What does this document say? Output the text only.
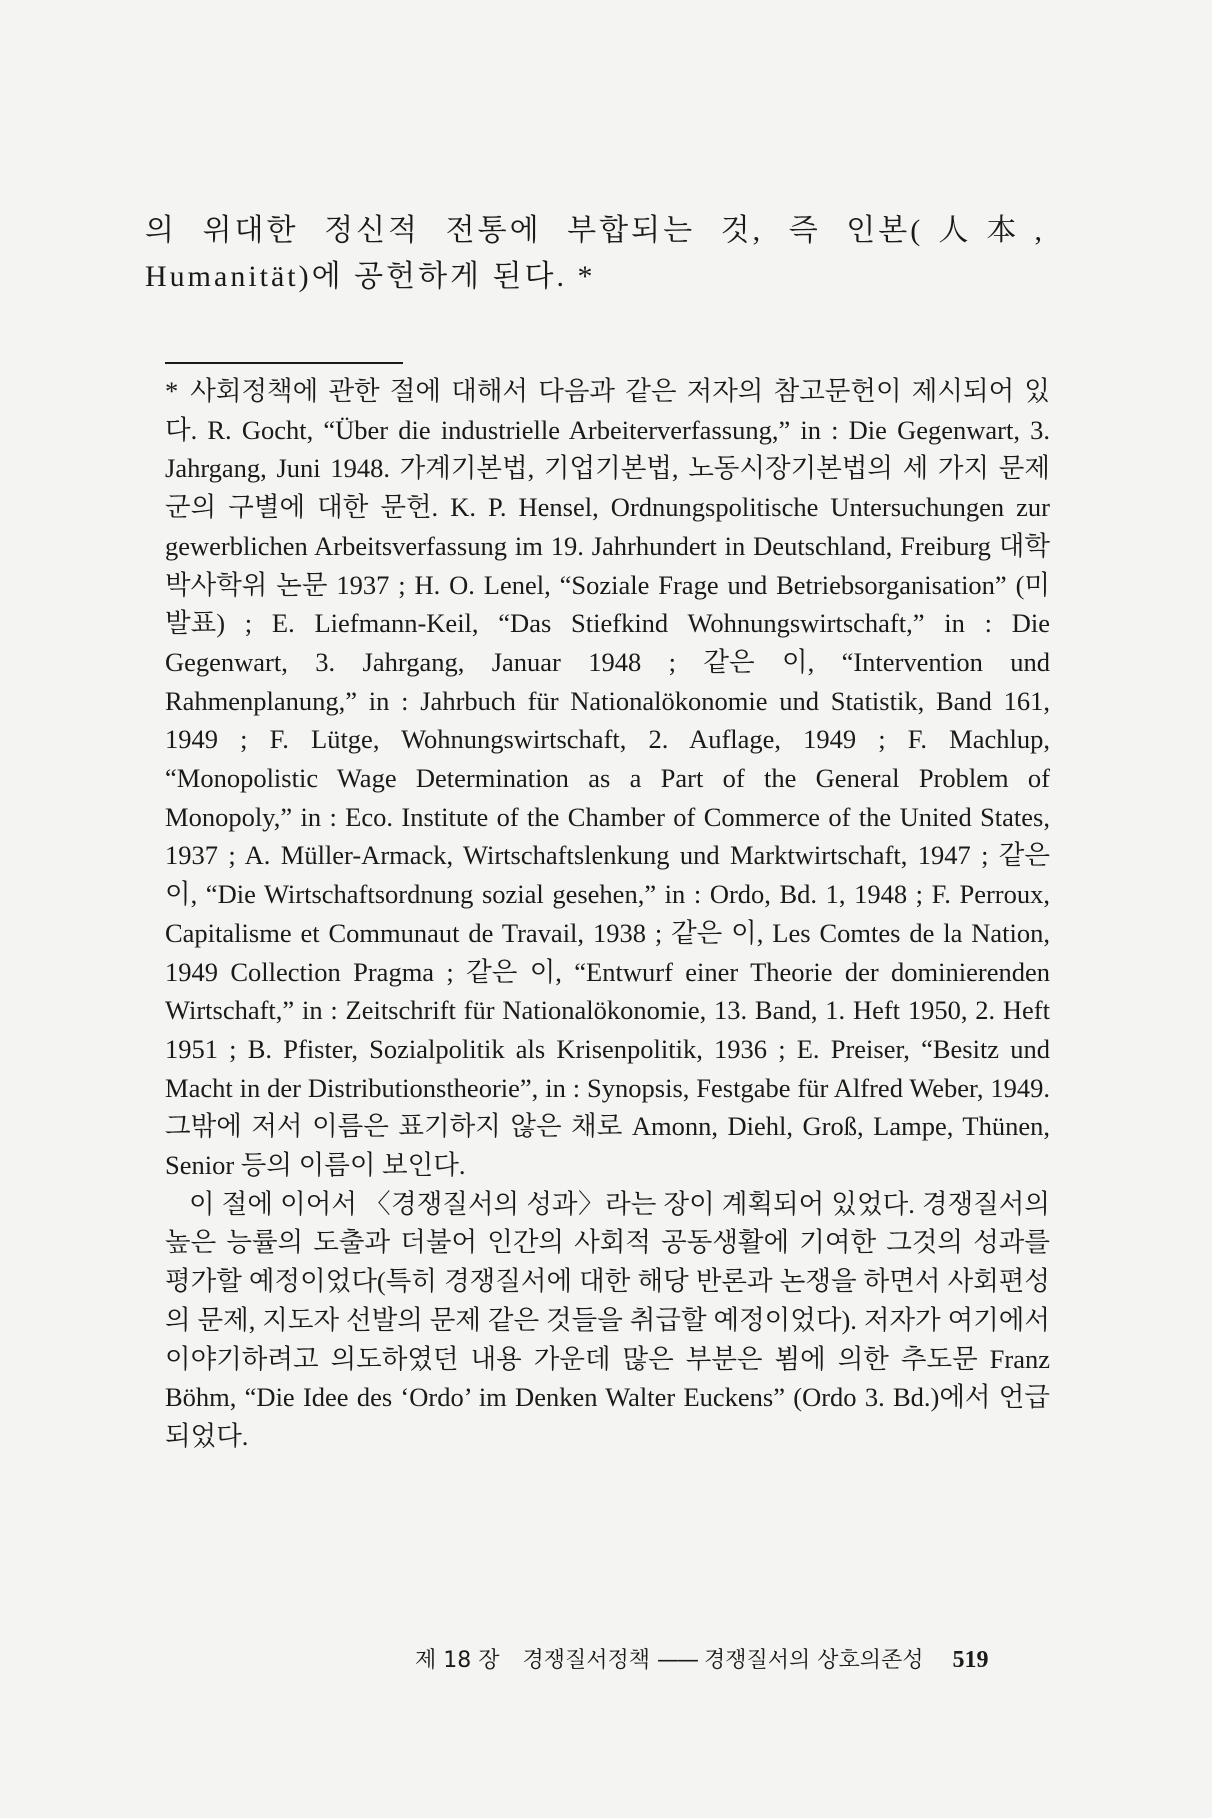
의 위대한 정신적 전통에 부합되는 것, 즉 인본(人本, Humanität)에 공헌하게 된다. *

* 사회정책에 관한 절에 대해서 다음과 같은 저자의 참고문헌이 제시되어 있다. R. Gocht, “Über die industrielle Arbeiterverfassung,” in : Die Gegenwart, 3. Jahrgang, Juni 1948. 가계기본법, 기업기본법, 노동시장기본법의 세 가지 문제군의 구별에 대한 문헌. K. P. Hensel, Ordnungspolitische Untersuchungen zur gewerblichen Arbeitsverfassung im 19. Jahrhundert in Deutschland, Freiburg 대학 박사학위 논문 1937 ; H. O. Lenel, “Soziale Frage und Betriebsorganisation” (미발표) ; E. Liefmann-Keil, “Das Stiefkind Wohnungswirtschaft,” in : Die Gegenwart, 3. Jahrgang, Januar 1948 ; 같은 이, “Intervention und Rahmenplanung,” in : Jahrbuch für Nationalökonomie und Statistik, Band 161, 1949 ; F. Lütge, Wohnungswirtschaft, 2. Auflage, 1949 ; F. Machlup, “Monopolistic Wage Determination as a Part of the General Problem of Monopoly,” in : Eco. Institute of the Chamber of Commerce of the United States, 1937 ; A. Müller-Armack, Wirtschaftslenkung und Marktwirtschaft, 1947 ; 같은 이, “Die Wirtschaftsordnung sozial gesehen,” in : Ordo, Bd. 1, 1948 ; F. Perroux, Capitalisme et Communaut de Travail, 1938 ; 같은 이, Les Comtes de la Nation, 1949 Collection Pragma ; 같은 이, “Entwurf einer Theorie der dominierenden Wirtschaft,” in : Zeitschrift für Nationalökonomie, 13. Band, 1. Heft 1950, 2. Heft 1951 ; B. Pfister, Sozialpolitik als Krisenpolitik, 1936 ; E. Preiser, “Besitz und Macht in der Distributionstheorie”, in : Synopsis, Festgabe für Alfred Weber, 1949. 그밖에 저서 이름은 표기하지 않은 채로 Amonn, Diehl, Groß, Lampe, Thünen, Senior 등의 이름이 보인다.

이 절에 이어서 〈경쟁질서의 성과〉라는 장이 계획되어 있었다. 경쟁질서의 높은 능률의 도출과 더불어 인간의 사회적 공동생활에 기여한 그것의 성과를 평가할 예정이었다(특히 경쟁질서에 대한 해당 반론과 논쟁을 하면서 사회편성의 문제, 지도자 선발의 문제 같은 것들을 취급할 예정이었다). 저자가 여기에서 이야기하려고 의도하였던 내용 가운데 많은 부분은 뵘에 의한 추도문 Franz Böhm, “Die Idee des ‘Ordo’ im Denken Walter Euckens” (Ordo 3. Bd.)에서 언급되었다.

제 18 장 경쟁질서정책 —— 경쟁질서의 상호의존성 519
